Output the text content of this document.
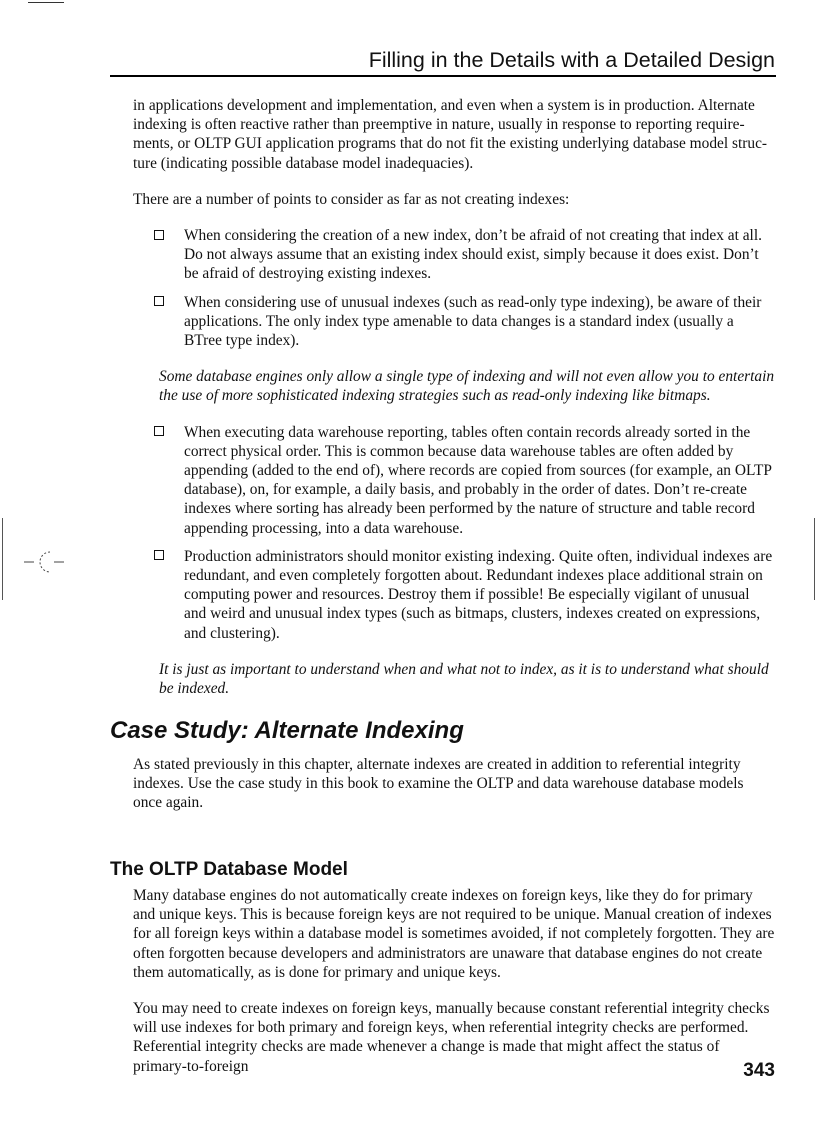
Filling in the Details with a Detailed Design

in applications development and implementation, and even when a system is in production. Alternate indexing is often reactive rather than preemptive in nature, usually in response to reporting requirements, or OLTP GUI application programs that do not fit the existing underlying database model structure (indicating possible database model inadequacies).

There are a number of points to consider as far as not creating indexes:

When considering the creation of a new index, don’t be afraid of not creating that index at all. Do not always assume that an existing index should exist, simply because it does exist. Don’t be afraid of destroying existing indexes.
When considering use of unusual indexes (such as read-only type indexing), be aware of their applications. The only index type amenable to data changes is a standard index (usually a BTree type index).

Some database engines only allow a single type of indexing and will not even allow you to entertain the use of more sophisticated indexing strategies such as read-only indexing like bitmaps.

When executing data warehouse reporting, tables often contain records already sorted in the correct physical order. This is common because data warehouse tables are often added by appending (added to the end of), where records are copied from sources (for example, an OLTP database), on, for example, a daily basis, and probably in the order of dates. Don’t re-create indexes where sorting has already been performed by the nature of structure and table record appending processing, into a data warehouse.
Production administrators should monitor existing indexing. Quite often, individual indexes are redundant, and even completely forgotten about. Redundant indexes place additional strain on computing power and resources. Destroy them if possible! Be especially vigilant of unusual and weird and unusual index types (such as bitmaps, clusters, indexes created on expressions, and clustering).

It is just as important to understand when and what not to index, as it is to understand what should be indexed.

Case Study: Alternate Indexing

As stated previously in this chapter, alternate indexes are created in addition to referential integrity indexes. Use the case study in this book to examine the OLTP and data warehouse database models once again.

The OLTP Database Model

Many database engines do not automatically create indexes on foreign keys, like they do for primary and unique keys. This is because foreign keys are not required to be unique. Manual creation of indexes for all foreign keys within a database model is sometimes avoided, if not completely forgotten. They are often forgotten because developers and administrators are unaware that database engines do not create them automatically, as is done for primary and unique keys.

You may need to create indexes on foreign keys, manually because constant referential integrity checks will use indexes for both primary and foreign keys, when referential integrity checks are performed. Referential integrity checks are made whenever a change is made that might affect the status of primary-to-foreign	343
